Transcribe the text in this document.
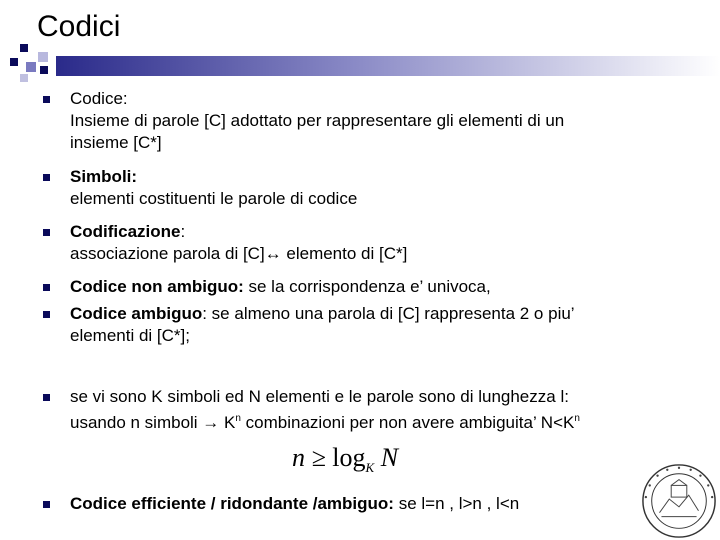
Codici
Codice:
Insieme di parole [C] adottato per rappresentare gli elementi di un
insieme [C*]
Simboli:
elementi costituenti le parole di codice
Codificazione:
associazione parola di [C]↔ elemento di [C*]
Codice non ambiguo: se la corrispondenza e’ univoca,
Codice ambiguo: se almeno una parola di [C] rappresenta 2 o piu’
elementi di [C*];
se vi sono K simboli ed N elementi e le parole sono di lunghezza l:
usando n simboli → $K^n$ combinazioni per non avere ambiguita’ $N<K^n$
Codice efficiente / ridondante /ambiguo: se l=n , l>n , l<n
$n \ge \log_K N$
